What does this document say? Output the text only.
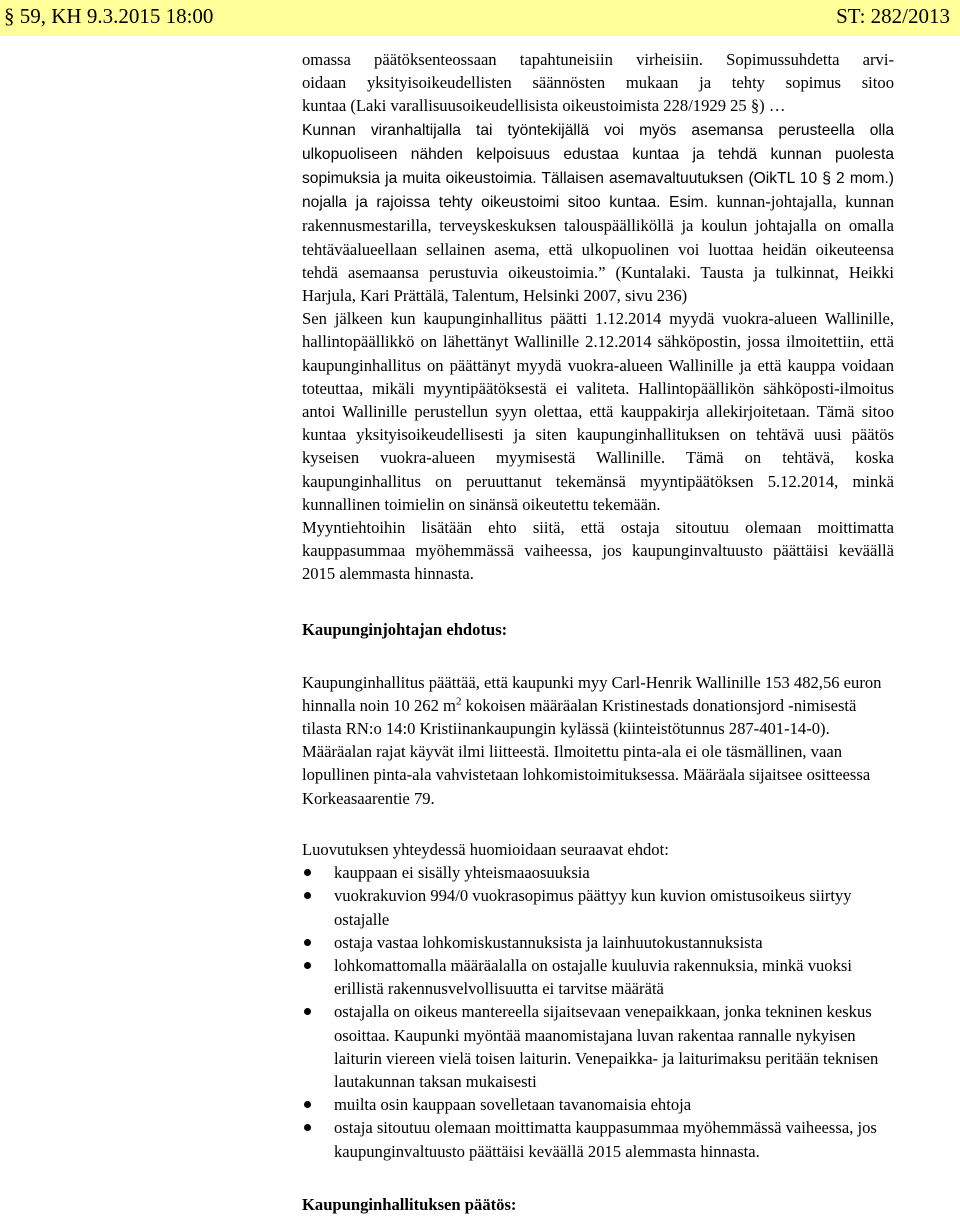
§ 59, KH 9.3.2015 18:00	ST: 282/2013

omassa päätöksenteossaan tapahtuneisiin virheisiin. Sopimussuhdetta arvi-

oidaan yksityisoikeudellisten säännösten mukaan ja tehty sopimus sitoo

kuntaa (Laki varallisuusoikeudellisista oikeustoimista 228/1929 25 §) …

Kunnan viranhaltijalla tai työntekijällä voi myös asemansa perusteella olla ulkopuoliseen nähden kelpoisuus edustaa kuntaa ja tehdä kunnan puolesta sopimuksia ja muita oikeustoimia. Tällaisen asemavaltuutuksen (OikTL 10 § 2 mom.) nojalla ja rajoissa tehty oikeustoimi sitoo kuntaa. Esim. kunnan-johtajalla, kunnan rakennusmestarilla, terveyskeskuksen talouspäälliköllä ja koulun johtajalla on omalla tehtäväalueellaan sellainen asema, että ulkopuolinen voi luottaa heidän oikeuteensa tehdä asemaansa perustuvia oikeustoimia.” (Kuntalaki. Tausta ja tulkinnat, Heikki Harjula, Kari Prättälä, Talentum, Helsinki 2007, sivu 236)

Sen jälkeen kun kaupunginhallitus päätti 1.12.2014 myydä vuokra-alueen Wallinille, hallintopäällikkö on lähettänyt Wallinille 2.12.2014 sähköpostin, jossa ilmoitettiin, että kaupunginhallitus on päättänyt myydä vuokra-alueen Wallinille ja että kauppa voidaan toteuttaa, mikäli myyntipäätöksestä ei valiteta. Hallintopäällikön sähköposti-ilmoitus antoi Wallinille perustellun syyn olettaa, että kauppakirja allekirjoitetaan. Tämä sitoo kuntaa yksityisoikeudellisesti ja siten kaupunginhallituksen on tehtävä uusi päätös kyseisen vuokra-alueen myymisestä Wallinille. Tämä on tehtävä, koska kaupunginhallitus on peruuttanut tekemänsä myyntipäätöksen 5.12.2014, minkä kunnallinen toimielin on sinänsä oikeutettu tekemään.

Myyntiehtoihin lisätään ehto siitä, että ostaja sitoutuu olemaan moittimatta kauppasummaa myöhemmässä vaiheessa, jos kaupunginvaltuusto päättäisi keväällä 2015 alemmasta hinnasta.

Kaupunginjohtajan ehdotus:

Kaupunginhallitus päättää, että kaupunki myy Carl-Henrik Wallinille 153 482,56 euron hinnalla noin 10 262 $m^2$ kokoisen määräalan Kristinestads donationsjord -nimisestä tilasta RN:o 14:0 Kristiinankaupungin kylässä (kiinteistötunnus 287-401-14-0). Määräalan rajat käyvät ilmi liitteestä. Ilmoitettu pinta-ala ei ole täsmällinen, vaan lopullinen pinta-ala vahvistetaan lohkomistoimituksessa. Määräala sijaitsee ositteessa Korkeasaarentie 79.

Luovutuksen yhteydessä huomioidaan seuraavat ehdot:

kauppaan ei sisälly yhteismaaosuuksia
vuokrakuvion 994/0 vuokrasopimus päättyy kun kuvion omistusoikeus siirtyy ostajalle
ostaja vastaa lohkomiskustannuksista ja lainhuutokustannuksista
lohkomattomalla määräalalla on ostajalle kuuluvia rakennuksia, minkä vuoksi erillistä rakennusvelvollisuutta ei tarvitse määrätä
ostajalla on oikeus mantereella sijaitsevaan venepaikkaan, jonka tekninen keskus osoittaa. Kaupunki myöntää maanomistajana luvan rakentaa rannalle nykyisen laiturin viereen vielä toisen laiturin. Venepaikka- ja laiturimaksu peritään teknisen lautakunnan taksan mukaisesti
muilta osin kauppaan sovelletaan tavanomaisia ehtoja
ostaja sitoutuu olemaan moittimatta kauppasummaa myöhemmässä vaiheessa, jos kaupunginvaltuusto päättäisi keväällä 2015 alemmasta hinnasta.

Kaupunginhallituksen päätös:
